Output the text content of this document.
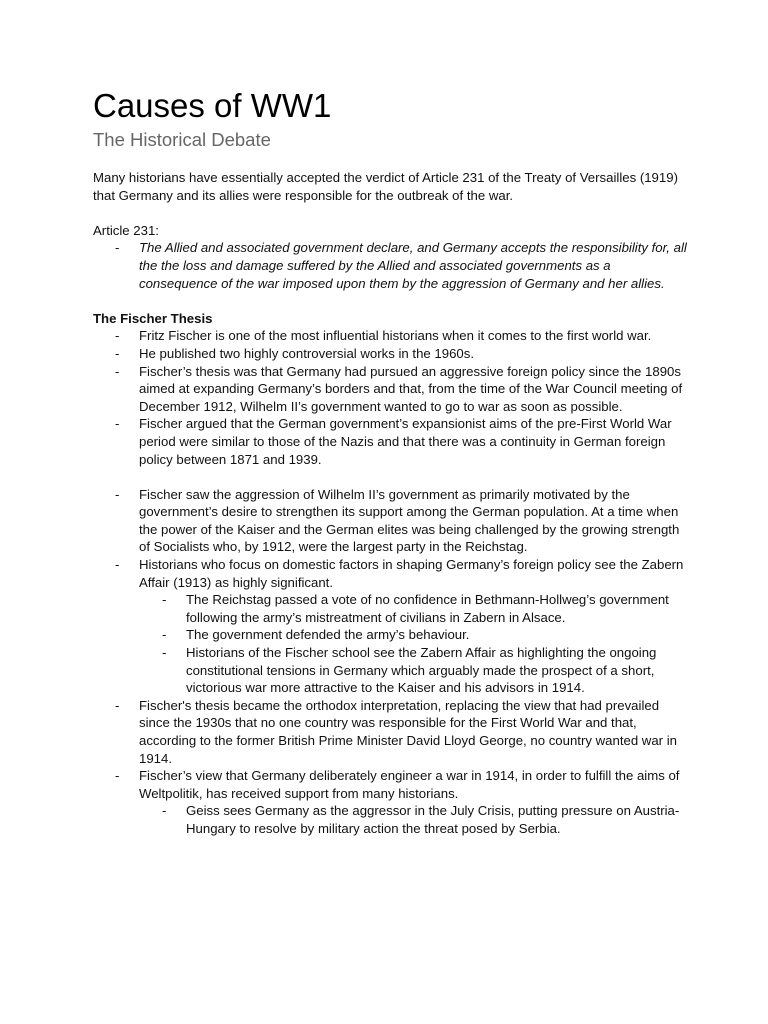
Causes of WW1
The Historical Debate

Many historians have essentially accepted the verdict of Article 231 of the Treaty of Versailles (1919) that Germany and its allies were responsible for the outbreak of the war.

Article 231:

- The Allied and associated government declare, and Germany accepts the responsibility for, all the the loss and damage suffered by the Allied and associated governments as a consequence of the war imposed upon them by the aggression of Germany and her allies.

The Fischer Thesis

- Fritz Fischer is one of the most influential historians when it comes to the first world war.
- He published two highly controversial works in the 1960s.
- Fischer’s thesis was that Germany had pursued an aggressive foreign policy since the 1890s aimed at expanding Germany’s borders and that, from the time of the War Council meeting of December 1912, Wilhelm II’s government wanted to go to war as soon as possible.
- Fischer argued that the German government’s expansionist aims of the pre-First World War period were similar to those of the Nazis and that there was a continuity in German foreign policy between 1871 and 1939.
- Fischer saw the aggression of Wilhelm II’s government as primarily motivated by the government’s desire to strengthen its support among the German population. At a time when the power of the Kaiser and the German elites was being challenged by the growing strength of Socialists who, by 1912, were the largest party in the Reichstag.
- Historians who focus on domestic factors in shaping Germany’s foreign policy see the Zabern Affair (1913) as highly significant.
- The Reichstag passed a vote of no confidence in Bethmann-Hollweg’s government following the army’s mistreatment of civilians in Zabern in Alsace.
- The government defended the army’s behaviour.
- Historians of the Fischer school see the Zabern Affair as highlighting the ongoing constitutional tensions in Germany which arguably made the prospect of a short, victorious war more attractive to the Kaiser and his advisors in 1914.
- Fischer's thesis became the orthodox interpretation, replacing the view that had prevailed since the 1930s that no one country was responsible for the First World War and that, according to the former British Prime Minister David Lloyd George, no country wanted war in 1914.
- Fischer’s view that Germany deliberately engineer a war in 1914, in order to fulfill the aims of Weltpolitik, has received support from many historians.
- Geiss sees Germany as the aggressor in the July Crisis, putting pressure on Austria-Hungary to resolve by military action the threat posed by Serbia.
